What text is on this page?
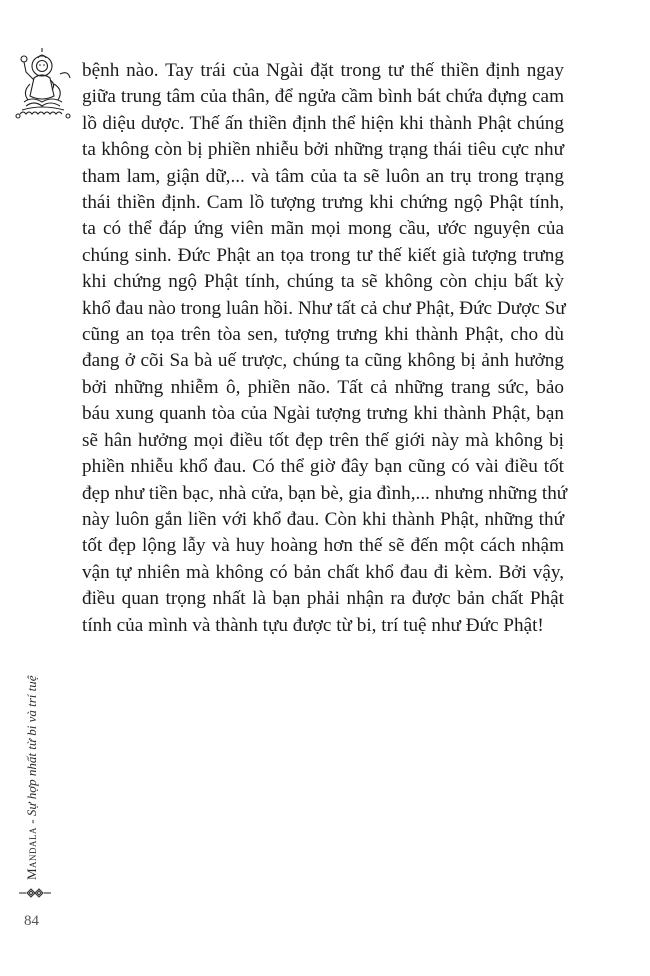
bệnh nào. Tay trái của Ngài đặt trong tư thế thiền định ngay
giữa trung tâm của thân, để ngửa cầm bình bát chứa đựng cam
lồ diệu dược. Thế ấn thiền định thể hiện khi thành Phật chúng
ta không còn bị phiền nhiễu bởi những trạng thái tiêu cực như
tham lam, giận dữ,... và tâm của ta sẽ luôn an trụ trong trạng
thái thiền định. Cam lồ tượng trưng khi chứng ngộ Phật tính,
ta có thể đáp ứng viên mãn mọi mong cầu, ước nguyện của
chúng sinh. Đức Phật an tọa trong tư thế kiết già tượng trưng
khi chứng ngộ Phật tính, chúng ta sẽ không còn chịu bất kỳ
khổ đau nào trong luân hồi. Như tất cả chư Phật, Đức Dược Sư
cũng an tọa trên tòa sen, tượng trưng khi thành Phật, cho dù
đang ở cõi Sa bà uế trược, chúng ta cũng không bị ảnh hưởng
bởi những nhiễm ô, phiền não. Tất cả những trang sức, bảo
báu xung quanh tòa của Ngài tượng trưng khi thành Phật, bạn
sẽ hân hưởng mọi điều tốt đẹp trên thế giới này mà không bị
phiền nhiễu khổ đau. Có thể giờ đây bạn cũng có vài điều tốt
đẹp như tiền bạc, nhà cửa, bạn bè, gia đình,... nhưng những thứ
này luôn gắn liền với khổ đau. Còn khi thành Phật, những thứ
tốt đẹp lộng lẫy và huy hoàng hơn thế sẽ đến một cách nhậm
vận tự nhiên mà không có bản chất khổ đau đi kèm. Bởi vậy,
điều quan trọng nhất là bạn phải nhận ra được bản chất Phật
tính của mình và thành tựu được từ bi, trí tuệ như Đức Phật!

Mandala - Sự hợp nhất từ bi và trí tuệ
84
